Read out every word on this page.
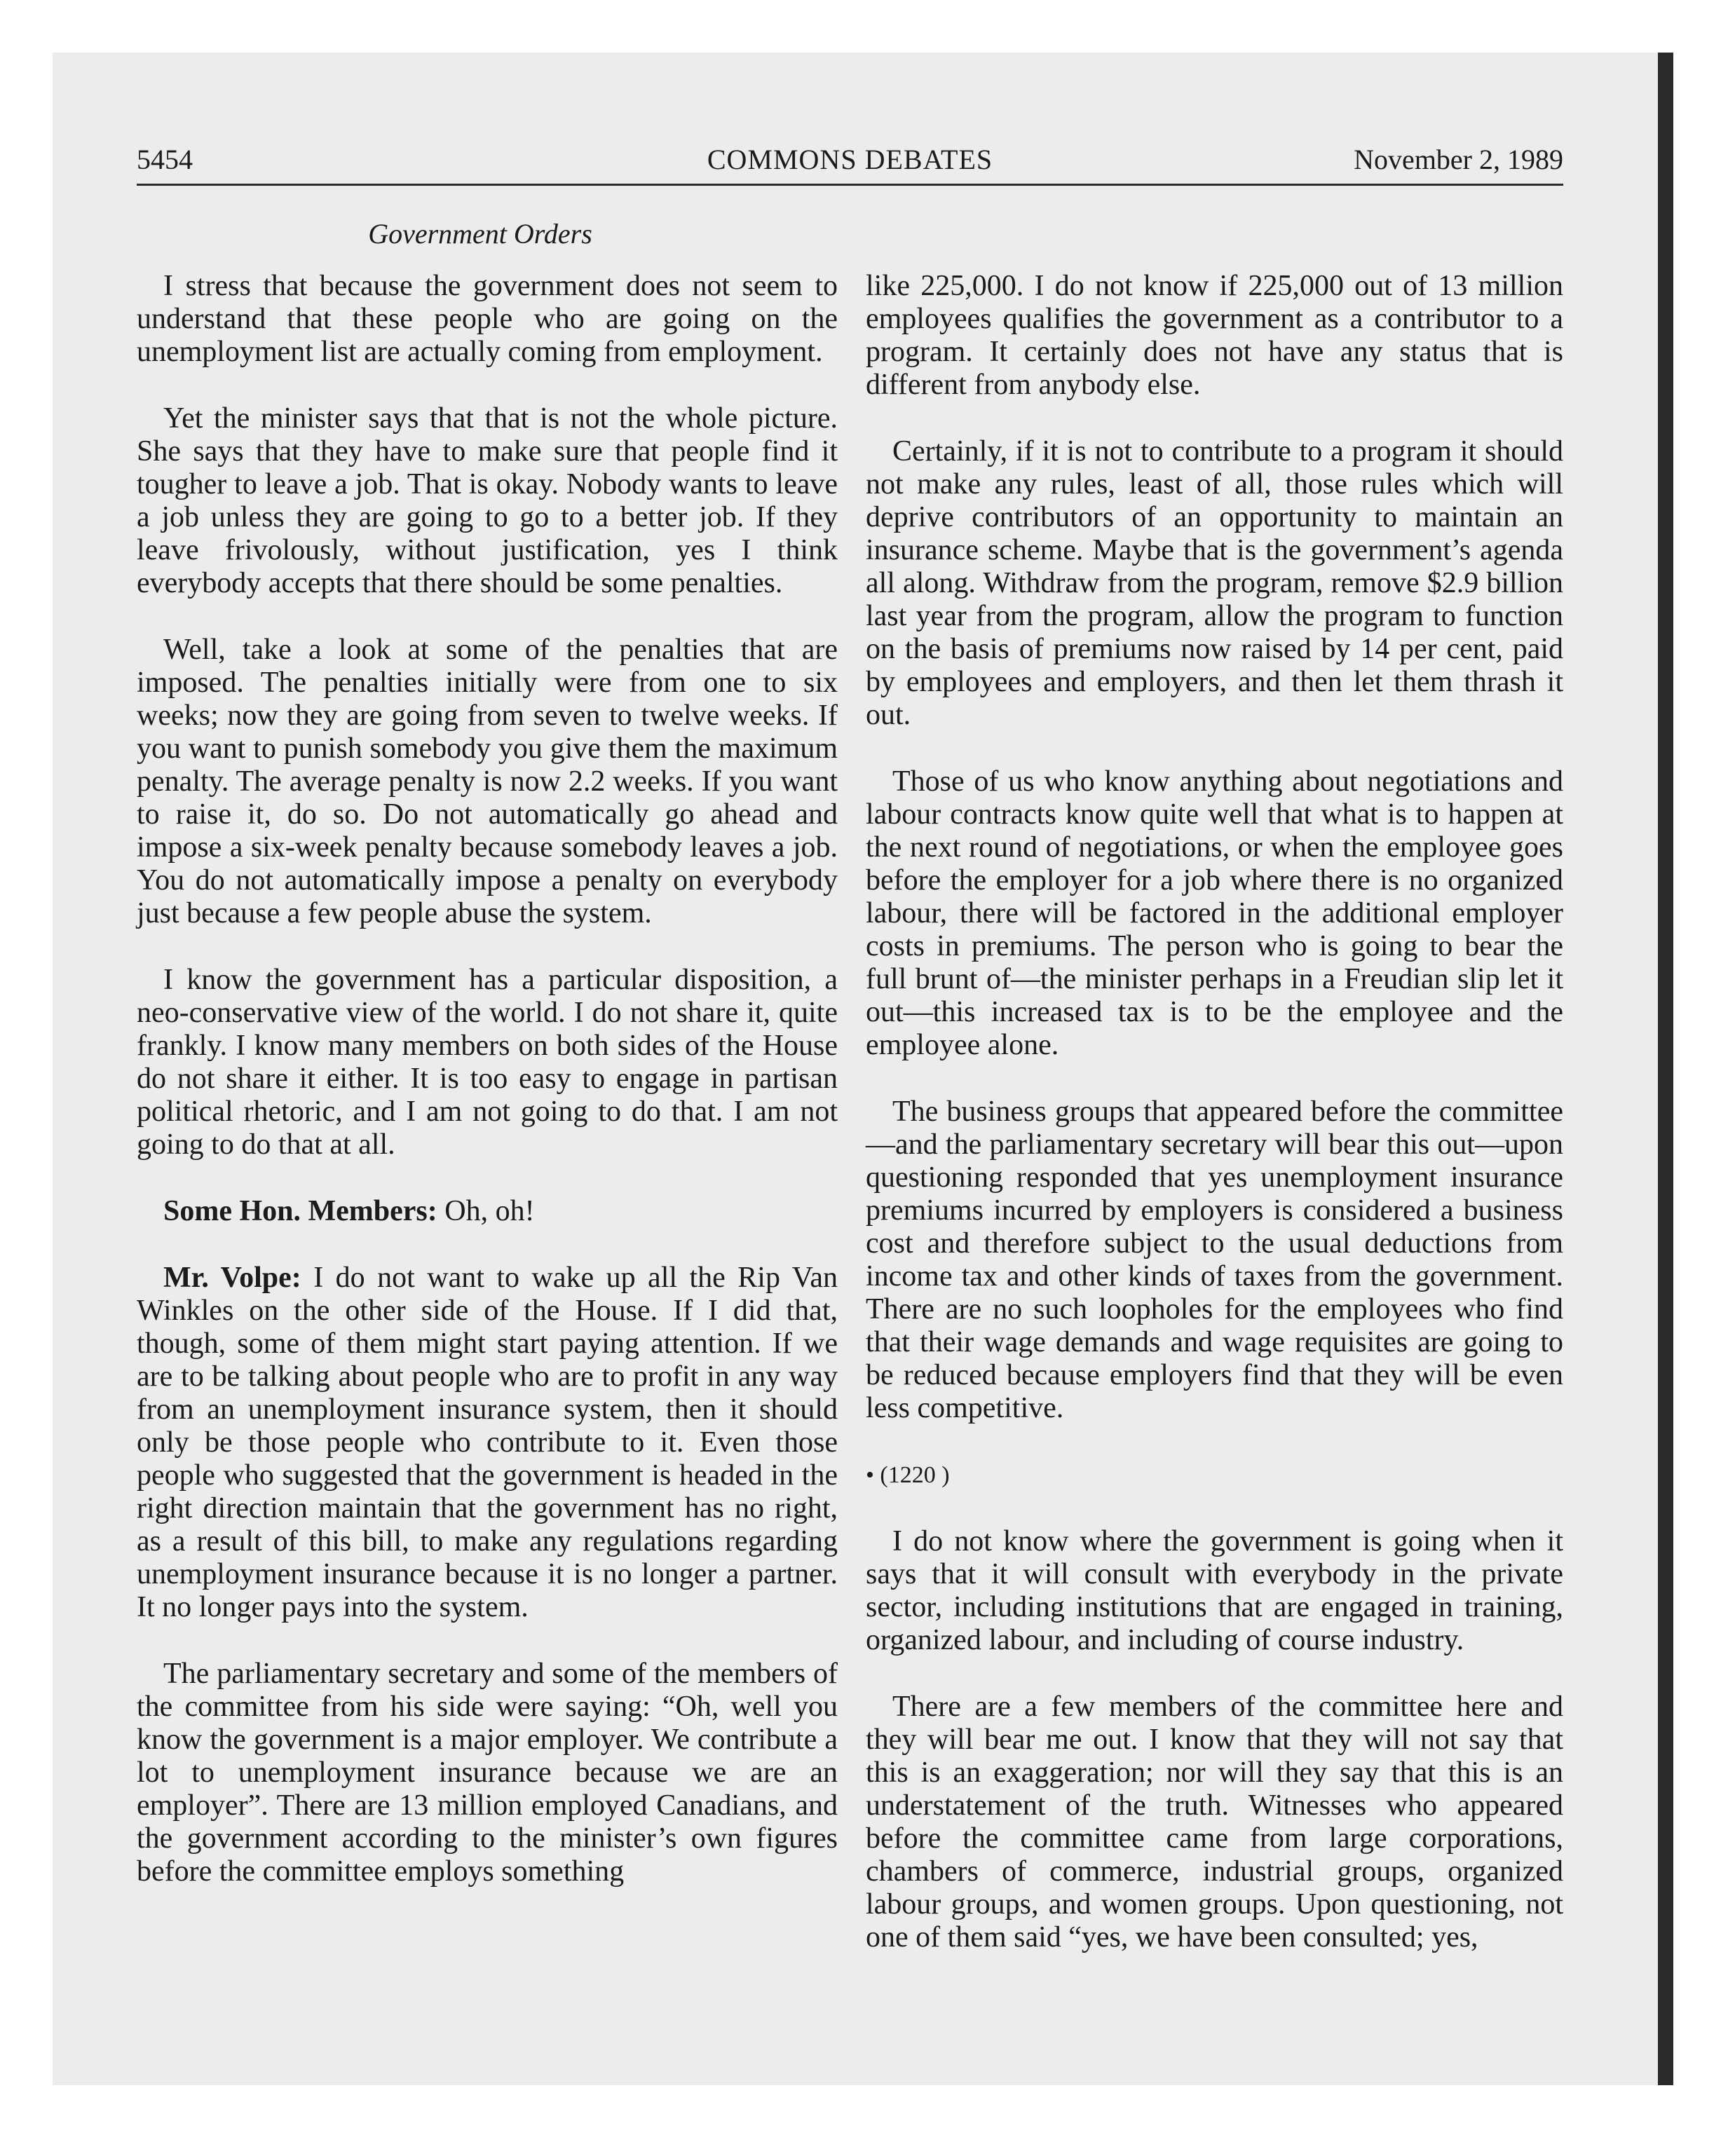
5454	COMMONS DEBATES	November 2, 1989
Government Orders

I stress that because the government does not seem to understand that these people who are going on the unemployment list are actually coming from employment.

Yet the minister says that that is not the whole picture. She says that they have to make sure that people find it tougher to leave a job. That is okay. Nobody wants to leave a job unless they are going to go to a better job. If they leave frivolously, without justification, yes I think everybody accepts that there should be some penalties.

Well, take a look at some of the penalties that are imposed. The penalties initially were from one to six weeks; now they are going from seven to twelve weeks. If you want to punish somebody you give them the maximum penalty. The average penalty is now 2.2 weeks. If you want to raise it, do so. Do not automatically go ahead and impose a six-week penalty because somebody leaves a job. You do not automatically impose a penalty on everybody just because a few people abuse the system.

I know the government has a particular disposition, a neo-conservative view of the world. I do not share it, quite frankly. I know many members on both sides of the House do not share it either. It is too easy to engage in partisan political rhetoric, and I am not going to do that. I am not going to do that at all.

Some Hon. Members: Oh, oh!

Mr. Volpe: I do not want to wake up all the Rip Van Winkles on the other side of the House. If I did that, though, some of them might start paying attention. If we are to be talking about people who are to profit in any way from an unemployment insurance system, then it should only be those people who contribute to it. Even those people who suggested that the government is headed in the right direction maintain that the government has no right, as a result of this bill, to make any regulations regarding unemployment insurance because it is no longer a partner. It no longer pays into the system.

The parliamentary secretary and some of the members of the committee from his side were saying: “Oh, well you know the government is a major employer. We contribute a lot to unemployment insurance because we are an employer”. There are 13 million employed Canadians, and the government according to the minister’s own figures before the committee employs something

like 225,000. I do not know if 225,000 out of 13 million employees qualifies the government as a contributor to a program. It certainly does not have any status that is different from anybody else.

Certainly, if it is not to contribute to a program it should not make any rules, least of all, those rules which will deprive contributors of an opportunity to maintain an insurance scheme. Maybe that is the government’s agenda all along. Withdraw from the program, remove $2.9 billion last year from the program, allow the program to function on the basis of premiums now raised by 14 per cent, paid by employees and employers, and then let them thrash it out.

Those of us who know anything about negotiations and labour contracts know quite well that what is to happen at the next round of negotiations, or when the employee goes before the employer for a job where there is no organized labour, there will be factored in the additional employer costs in premiums. The person who is going to bear the full brunt of—the minister perhaps in a Freudian slip let it out—this increased tax is to be the employee and the employee alone.

The business groups that appeared before the committee—and the parliamentary secretary will bear this out—upon questioning responded that yes unemployment insurance premiums incurred by employers is considered a business cost and therefore subject to the usual deductions from income tax and other kinds of taxes from the government. There are no such loopholes for the employees who find that their wage demands and wage requisites are going to be reduced because employers find that they will be even less competitive.

• (1220 )

I do not know where the government is going when it says that it will consult with everybody in the private sector, including institutions that are engaged in training, organized labour, and including of course industry.

There are a few members of the committee here and they will bear me out. I know that they will not say that this is an exaggeration; nor will they say that this is an understatement of the truth. Witnesses who appeared before the committee came from large corporations, chambers of commerce, industrial groups, organized labour groups, and women groups. Upon questioning, not one of them said “yes, we have been consulted; yes,
